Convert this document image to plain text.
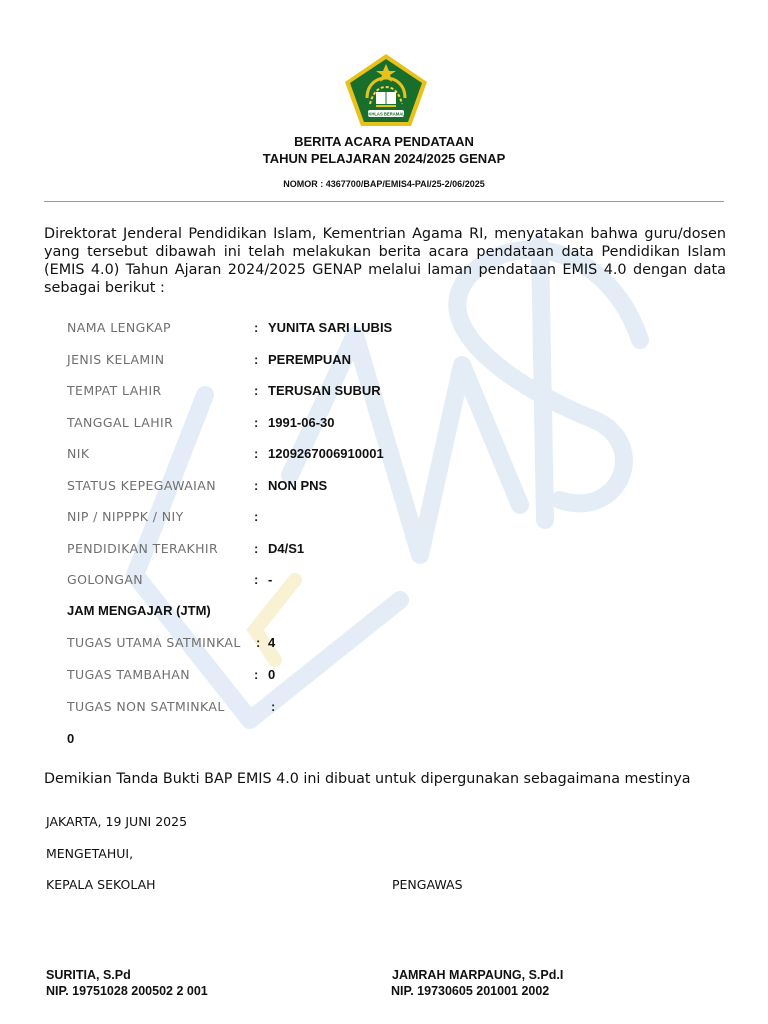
IKHLAS BERAMAL
BERITA ACARA PENDATAAN
TAHUN PELAJARAN 2024/2025 GENAP
NOMOR : 4367700/BAP/EMIS4-PAI/25-2/06/2025
Direktorat Jenderal Pendidikan Islam, Kementrian Agama RI, menyatakan bahwa guru/dosen yang tersebut dibawah ini telah melakukan berita acara pendataan data Pendidikan Islam (EMIS 4.0) Tahun Ajaran 2024/2025 GENAP melalui laman pendataan EMIS 4.0 dengan data sebagai berikut :
NAMA LENGKAP	: YUNITA SARI LUBIS
JENIS KELAMIN	: PEREMPUAN
TEMPAT LAHIR	: TERUSAN SUBUR
TANGGAL LAHIR	: 1991-06-30
NIK	: 1209267006910001
STATUS KEPEGAWAIAN	: NON PNS
NIP / NIPPPK / NIY	:
PENDIDIKAN TERAKHIR	: D4/S1
GOLONGAN	: -
JAM MENGAJAR (JTM)
TUGAS UTAMA SATMINKAL : 4
TUGAS TAMBAHAN	: 0
TUGAS NON SATMINKAL	:
0
Demikian Tanda Bukti BAP EMIS 4.0 ini dibuat untuk dipergunakan sebagaimana mestinya
JAKARTA, 19 JUNI 2025
MENGETAHUI,
KEPALA SEKOLAH	PENGAWAS
SURITIA, S.Pd
NIP. 19751028 200502 2 001
JAMRAH MARPAUNG, S.Pd.I
NIP. 19730605 201001 2002
